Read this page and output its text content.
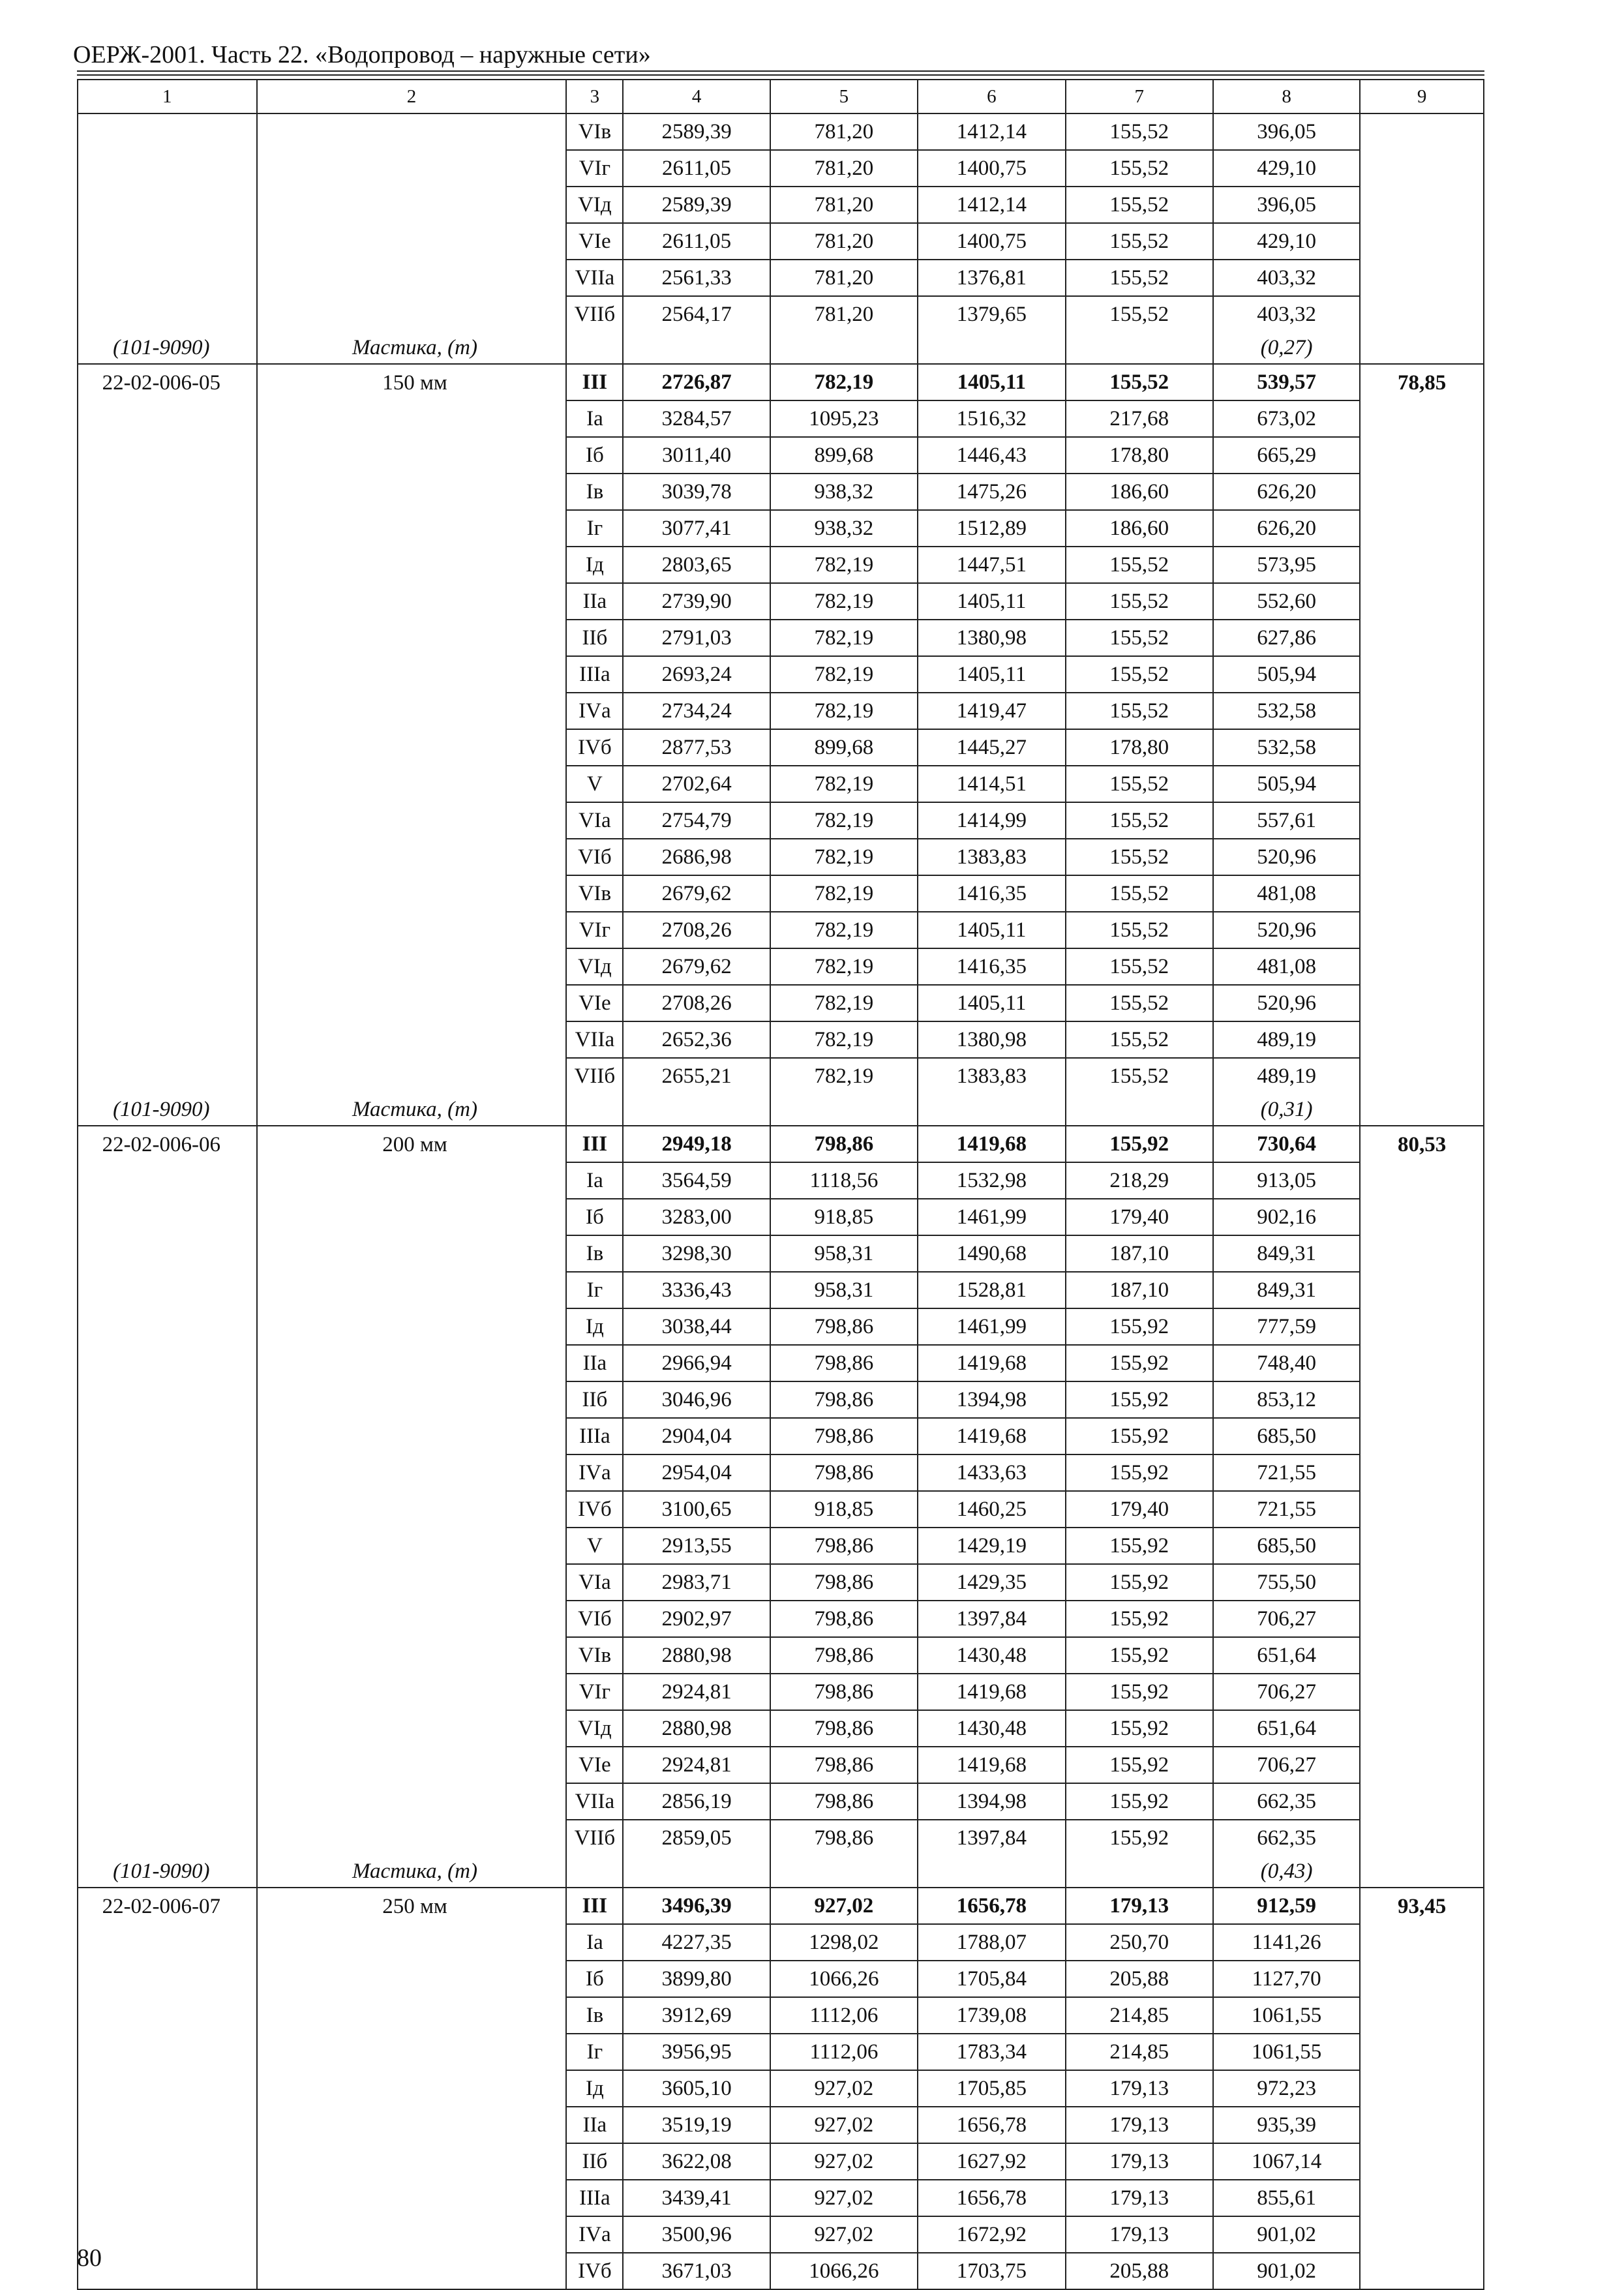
ОЕРЖ-2001. Часть 22. «Водопровод – наружные сети»
1	2	3	4	5	6	7	8	9
		VIв	2589,39	781,20	1412,14	155,52	396,05	
		VIг	2611,05	781,20	1400,75	155,52	429,10	
		VIд	2589,39	781,20	1412,14	155,52	396,05	
		VIе	2611,05	781,20	1400,75	155,52	429,10	
		VIIа	2561,33	781,20	1376,81	155,52	403,32	
		VIIб	2564,17	781,20	1379,65	155,52	403,32	
(101-9090)	Мастика, (т)						(0,27)	
22-02-006-05	150 мм	III	2726,87	782,19	1405,11	155,52	539,57	78,85
		Iа	3284,57	1095,23	1516,32	217,68	673,02	
		Iб	3011,40	899,68	1446,43	178,80	665,29	
		Iв	3039,78	938,32	1475,26	186,60	626,20	
		Iг	3077,41	938,32	1512,89	186,60	626,20	
		Iд	2803,65	782,19	1447,51	155,52	573,95	
		IIа	2739,90	782,19	1405,11	155,52	552,60	
		IIб	2791,03	782,19	1380,98	155,52	627,86	
		IIIа	2693,24	782,19	1405,11	155,52	505,94	
		IVа	2734,24	782,19	1419,47	155,52	532,58	
		IVб	2877,53	899,68	1445,27	178,80	532,58	
		V	2702,64	782,19	1414,51	155,52	505,94	
		VIа	2754,79	782,19	1414,99	155,52	557,61	
		VIб	2686,98	782,19	1383,83	155,52	520,96	
		VIв	2679,62	782,19	1416,35	155,52	481,08	
		VIг	2708,26	782,19	1405,11	155,52	520,96	
		VIд	2679,62	782,19	1416,35	155,52	481,08	
		VIе	2708,26	782,19	1405,11	155,52	520,96	
		VIIа	2652,36	782,19	1380,98	155,52	489,19	
		VIIб	2655,21	782,19	1383,83	155,52	489,19	
(101-9090)	Мастика, (т)						(0,31)	
22-02-006-06	200 мм	III	2949,18	798,86	1419,68	155,92	730,64	80,53
		Iа	3564,59	1118,56	1532,98	218,29	913,05	
		Iб	3283,00	918,85	1461,99	179,40	902,16	
		Iв	3298,30	958,31	1490,68	187,10	849,31	
		Iг	3336,43	958,31	1528,81	187,10	849,31	
		Iд	3038,44	798,86	1461,99	155,92	777,59	
		IIа	2966,94	798,86	1419,68	155,92	748,40	
		IIб	3046,96	798,86	1394,98	155,92	853,12	
		IIIа	2904,04	798,86	1419,68	155,92	685,50	
		IVа	2954,04	798,86	1433,63	155,92	721,55	
		IVб	3100,65	918,85	1460,25	179,40	721,55	
		V	2913,55	798,86	1429,19	155,92	685,50	
		VIа	2983,71	798,86	1429,35	155,92	755,50	
		VIб	2902,97	798,86	1397,84	155,92	706,27	
		VIв	2880,98	798,86	1430,48	155,92	651,64	
		VIг	2924,81	798,86	1419,68	155,92	706,27	
		VIд	2880,98	798,86	1430,48	155,92	651,64	
		VIе	2924,81	798,86	1419,68	155,92	706,27	
		VIIа	2856,19	798,86	1394,98	155,92	662,35	
		VIIб	2859,05	798,86	1397,84	155,92	662,35	
(101-9090)	Мастика, (т)						(0,43)	
22-02-006-07	250 мм	III	3496,39	927,02	1656,78	179,13	912,59	93,45
		Iа	4227,35	1298,02	1788,07	250,70	1141,26	
		Iб	3899,80	1066,26	1705,84	205,88	1127,70	
		Iв	3912,69	1112,06	1739,08	214,85	1061,55	
		Iг	3956,95	1112,06	1783,34	214,85	1061,55	
		Iд	3605,10	927,02	1705,85	179,13	972,23	
		IIа	3519,19	927,02	1656,78	179,13	935,39	
		IIб	3622,08	927,02	1627,92	179,13	1067,14	
		IIIа	3439,41	927,02	1656,78	179,13	855,61	
		IVа	3500,96	927,02	1672,92	179,13	901,02	
		IVб	3671,03	1066,26	1703,75	205,88	901,02	
80
